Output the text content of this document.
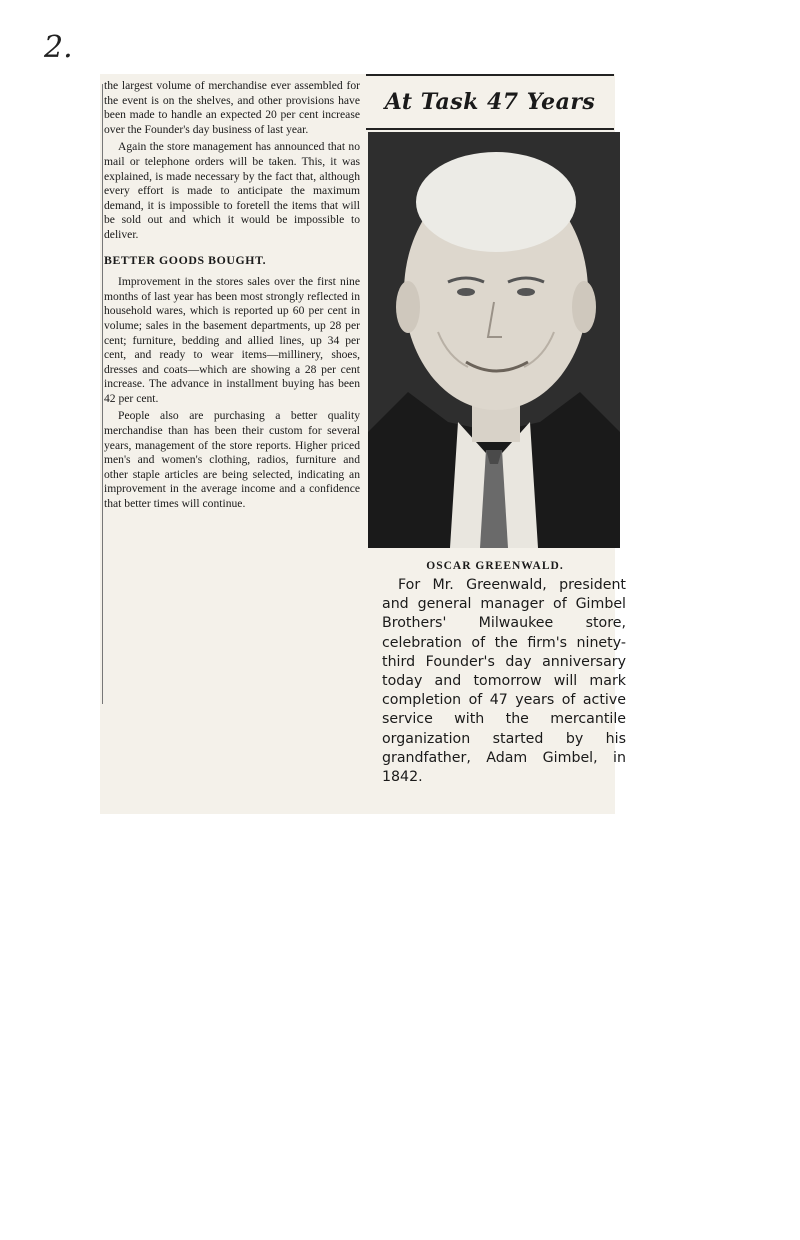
2.

the largest volume of merchandise ever assembled for the event is on the shelves, and other provisions have been made to handle an expected 20 per cent increase over the Founder's day business of last year.

Again the store management has announced that no mail or telephone orders will be taken. This, it was explained, is made necessary by the fact that, although every effort is made to anticipate the maximum demand, it is impossible to foretell the items that will be sold out and which it would be impossible to deliver.

BETTER GOODS BOUGHT.

Improvement in the stores sales over the first nine months of last year has been most strongly reflected in household wares, which is reported up 60 per cent in volume; sales in the basement departments, up 28 per cent; furniture, bedding and allied lines, up 34 per cent, and ready to wear items—millinery, shoes, dresses and coats—which are showing a 28 per cent increase. The advance in installment buying has been 42 per cent.

People also are purchasing a better quality merchandise than has been their custom for several years, management of the store reports. Higher priced men's and women's clothing, radios, furniture and other staple articles are being selected, indicating an improvement in the average income and a confidence that better times will continue.

At Task 47 Years
OSCAR GREENWALD.

For Mr. Greenwald, president and general manager of Gimbel Brothers' Milwaukee store, celebration of the firm's ninety-third Founder's day anniversary today and tomorrow will mark completion of 47 years of active service with the mercantile organization started by his grandfather, Adam Gimbel, in 1842.
